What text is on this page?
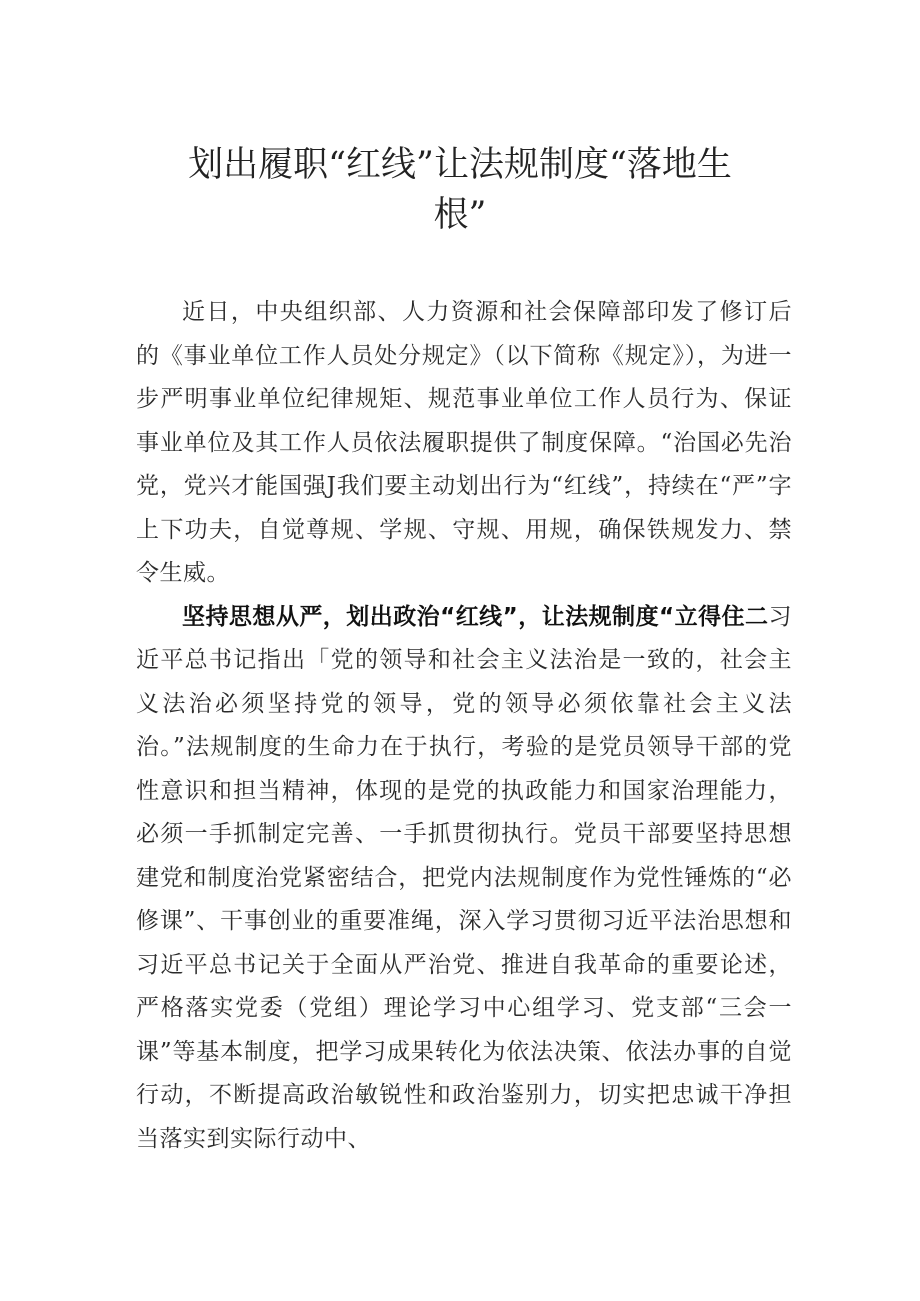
划出履职“红线”让法规制度“落地生
根”

近日，中央组织部、人力资源和社会保障部印发了修订后的《事业单位工作人员处分规定》（以下简称《规定》），为进一步严明事业单位纪律规矩、规范事业单位工作人员行为、保证事业单位及其工作人员依法履职提供了制度保障。“治国必先治党，党兴才能国强J我们要主动划出行为“红线”，持续在“严”字上下功夫，自觉尊规、学规、守规、用规，确保铁规发力、禁令生威。

坚持思想从严，划出政治“红线”，让法规制度“立得住二习近平总书记指出「党的领导和社会主义法治是一致的，社会主义法治必须坚持党的领导，党的领导必须依靠社会主义法治。”法规制度的生命力在于执行，考验的是党员领导干部的党性意识和担当精神，体现的是党的执政能力和国家治理能力，必须一手抓制定完善、一手抓贯彻执行。党员干部要坚持思想建党和制度治党紧密结合，把党内法规制度作为党性锤炼的“必修课”、干事创业的重要准绳，深入学习贯彻习近平法治思想和习近平总书记关于全面从严治党、推进自我革命的重要论述，严格落实党委（党组）理论学习中心组学习、党支部“三会一课”等基本制度，把学习成果转化为依法决策、依法办事的自觉行动，不断提高政治敏锐性和政治鉴别力，切实把忠诚干净担当落实到实际行动中、
